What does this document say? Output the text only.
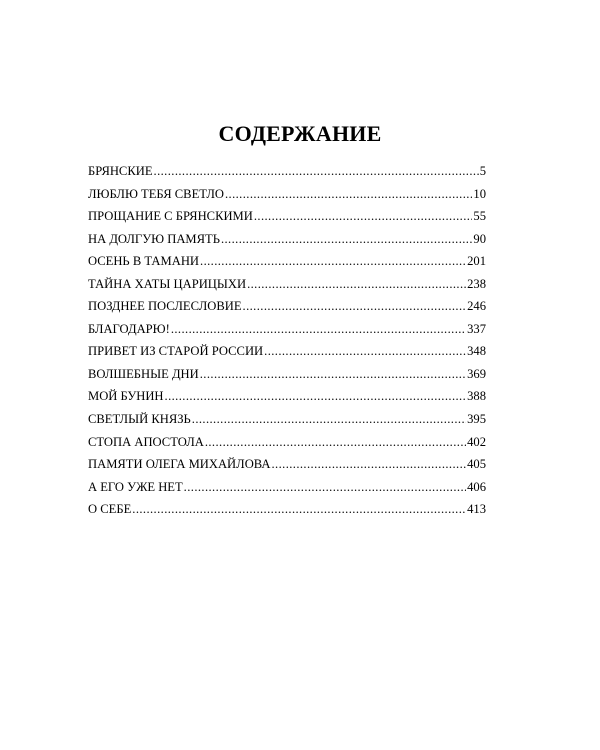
СОДЕРЖАНИЕ
БРЯНСКИЕ .....	5
ЛЮБЛЮ ТЕБЯ СВЕТЛО .....	10
ПРОЩАНИЕ С БРЯНСКИМИ .....	55
НА ДОЛГУЮ ПАМЯТЬ .....	90
ОСЕНЬ В ТАМАНИ .....	201
ТАЙНА ХАТЫ ЦАРИЦЫХИ .....	238
ПОЗДНЕЕ ПОСЛЕСЛОВИЕ .....	246
БЛАГОДАРЮ! .....	337
ПРИВЕТ ИЗ СТАРОЙ РОССИИ .....	348
ВОЛШЕБНЫЕ ДНИ .....	369
МОЙ БУНИН .....	388
СВЕТЛЫЙ КНЯЗЬ .....	395
СТОПА АПОСТОЛА .....	402
ПАМЯТИ ОЛЕГА МИХАЙЛОВА .....	405
А ЕГО УЖЕ НЕТ .....	406
О СЕБЕ .....	413
